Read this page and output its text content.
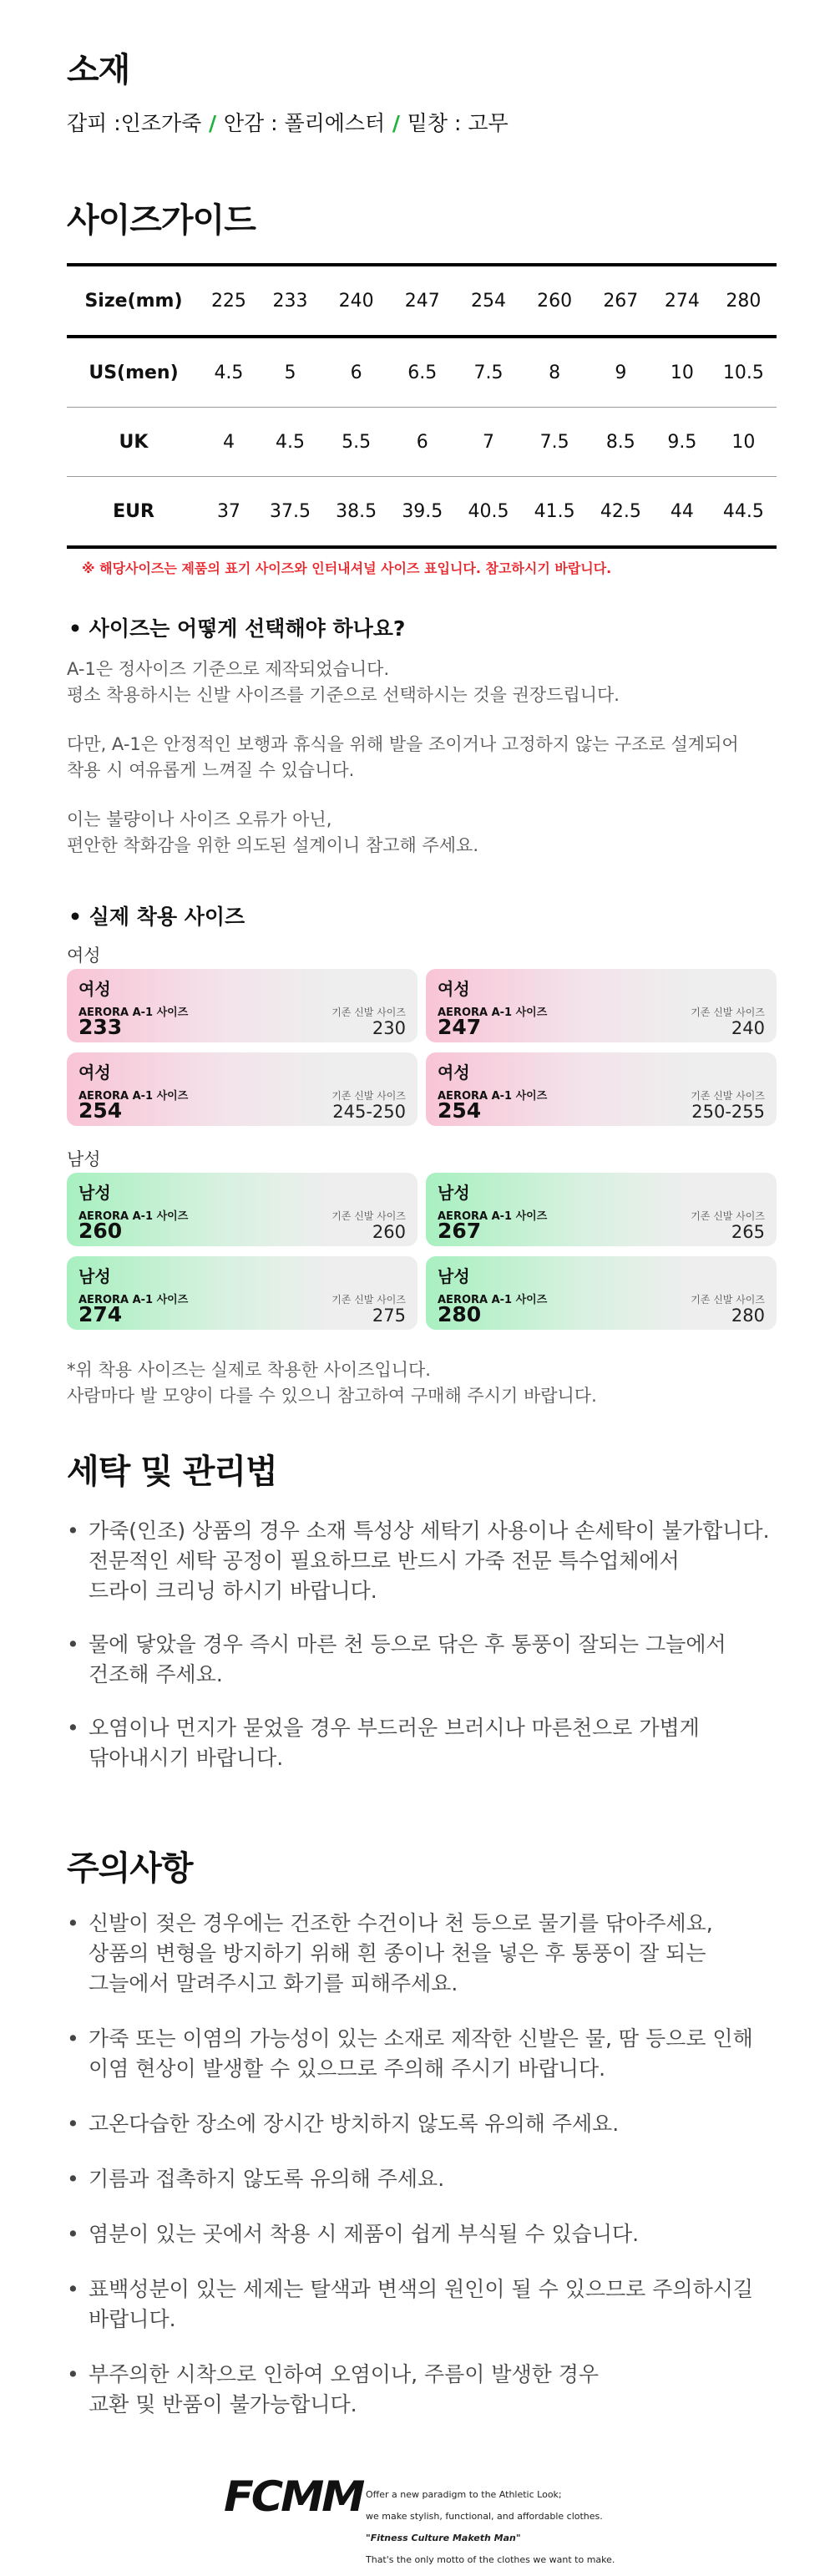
소재
갑피 :인조가죽 / 안감 : 폴리에스터 / 밑창 : 고무
사이즈가이드
Size(mm)	225	233	240	247	254	260	267	274	280
US(men)	4.5	5	6	6.5	7.5	8	9	10	10.5
UK	4	4.5	5.5	6	7	7.5	8.5	9.5	10
EUR	37	37.5	38.5	39.5	40.5	41.5	42.5	44	44.5
※ 해당사이즈는 제품의 표기 사이즈와 인터내셔널 사이즈 표입니다. 참고하시기 바랍니다.
• 사이즈는 어떻게 선택해야 하나요?
A-1은 정사이즈 기준으로 제작되었습니다.
평소 착용하시는 신발 사이즈를 기준으로 선택하시는 것을 권장드립니다.
다만, A-1은 안정적인 보행과 휴식을 위해 발을 조이거나 고정하지 않는 구조로 설계되어
착용 시 여유롭게 느껴질 수 있습니다.
이는 불량이나 사이즈 오류가 아닌,
편안한 착화감을 위한 의도된 설계이니 참고해 주세요.
• 실제 착용 사이즈
여성
여성
AERORA A-1 사이즈
233
기존 신발 사이즈
230
여성
AERORA A-1 사이즈
247
기존 신발 사이즈
240
여성
AERORA A-1 사이즈
254
기존 신발 사이즈
245-250
여성
AERORA A-1 사이즈
254
기존 신발 사이즈
250-255
남성
남성
AERORA A-1 사이즈
260
기존 신발 사이즈
260
남성
AERORA A-1 사이즈
267
기존 신발 사이즈
265
남성
AERORA A-1 사이즈
274
기존 신발 사이즈
275
남성
AERORA A-1 사이즈
280
기존 신발 사이즈
280
*위 착용 사이즈는 실제로 착용한 사이즈입니다.
사람마다 발 모양이 다를 수 있으니 참고하여 구매해 주시기 바랍니다.
세탁 및 관리법
• 가죽(인조) 상품의 경우 소재 특성상 세탁기 사용이나 손세탁이 불가합니다.
전문적인 세탁 공정이 필요하므로 반드시 가죽 전문 특수업체에서
드라이 크리닝 하시기 바랍니다.
• 물에 닿았을 경우 즉시 마른 천 등으로 닦은 후 통풍이 잘되는 그늘에서
건조해 주세요.
• 오염이나 먼지가 묻었을 경우 부드러운 브러시나 마른천으로 가볍게
닦아내시기 바랍니다.
주의사항
• 신발이 젖은 경우에는 건조한 수건이나 천 등으로 물기를 닦아주세요,
상품의 변형을 방지하기 위해 흰 종이나 천을 넣은 후 통풍이 잘 되는
그늘에서 말려주시고 화기를 피해주세요.
• 가죽 또는 이염의 가능성이 있는 소재로 제작한 신발은 물, 땀 등으로 인해
이염 현상이 발생할 수 있으므로 주의해 주시기 바랍니다.
• 고온다습한 장소에 장시간 방치하지 않도록 유의해 주세요.
• 기름과 접촉하지 않도록 유의해 주세요.
• 염분이 있는 곳에서 착용 시 제품이 쉽게 부식될 수 있습니다.
• 표백성분이 있는 세제는 탈색과 변색의 원인이 될 수 있으므로 주의하시길
바랍니다.
• 부주의한 시착으로 인하여 오염이나, 주름이 발생한 경우
교환 및 반품이 불가능합니다.
FCMM Offer a new paradigm to the Athletic Look;

we make stylish, functional, and affordable clothes.

"Fitness Culture Maketh Man"

That's the only motto of the clothes we want to make.
